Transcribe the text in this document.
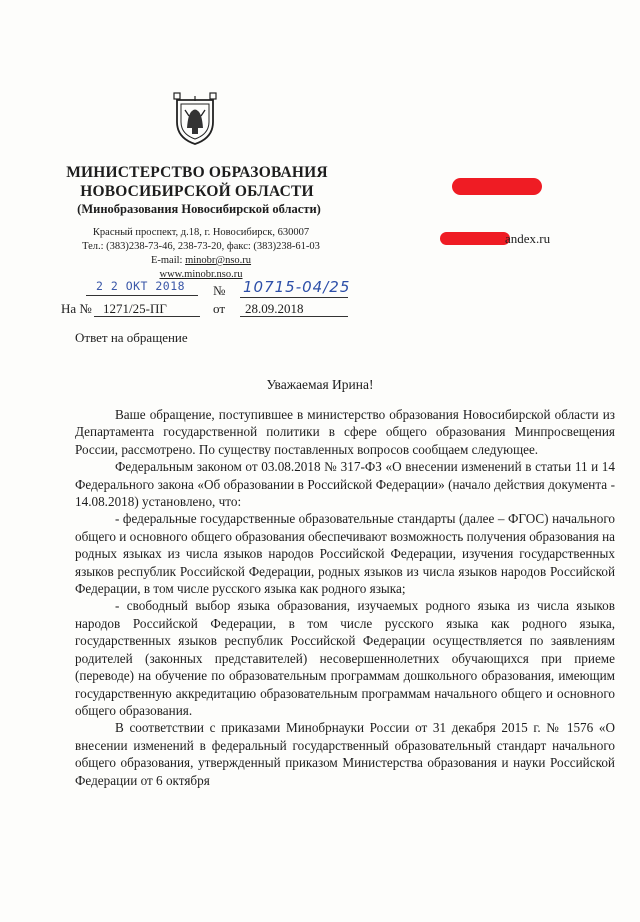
МИНИСТЕРСТВО ОБРАЗОВАНИЯ
НОВОСИБИРСКОЙ ОБЛАСТИ
(Минобразования Новосибирской области)
Красный проспект, д.18, г. Новосибирск, 630007
Тел.: (383)238-73-46, 238-73-20, факс: (383)238-61-03
E-mail: minobr@nso.ru
www.minobr.nso.ru
2 2 ОКТ 2018 № 10715-04/25
На № 1271/25-ПГ	от 28.09.2018
andex.ru
Ответ на обращение
Уважаемая Ирина!

Ваше обращение, поступившее в министерство образования Новосибирской области из Департамента государственной политики в сфере общего образования Минпросвещения России, рассмотрено. По существу поставленных вопросов сообщаем следующее.

Федеральным законом от 03.08.2018 № 317-ФЗ «О внесении изменений в статьи 11 и 14 Федерального закона «Об образовании в Российской Федерации» (начало действия документа - 14.08.2018) установлено, что:

- федеральные государственные образовательные стандарты (далее – ФГОС) начального общего и основного общего образования обеспечивают возможность получения образования на родных языках из числа языков народов Российской Федерации, изучения государственных языков республик Российской Федерации, родных языков из числа языков народов Российской Федерации, в том числе русского языка как родного языка;

- свободный выбор языка образования, изучаемых родного языка из числа языков народов Российской Федерации, в том числе русского языка как родного языка, государственных языков республик Российской Федерации осуществляется по заявлениям родителей (законных представителей) несовершеннолетних обучающихся при приеме (переводе) на обучение по образовательным программам дошкольного образования, имеющим государственную аккредитацию образовательным программам начального общего и основного общего образования.

В соответствии с приказами Минобрнауки России от 31 декабря 2015 г. № 1576 «О внесении изменений в федеральный государственный образовательный стандарт начального общего образования, утвержденный приказом Министерства образования и науки Российской Федерации от 6 октября
